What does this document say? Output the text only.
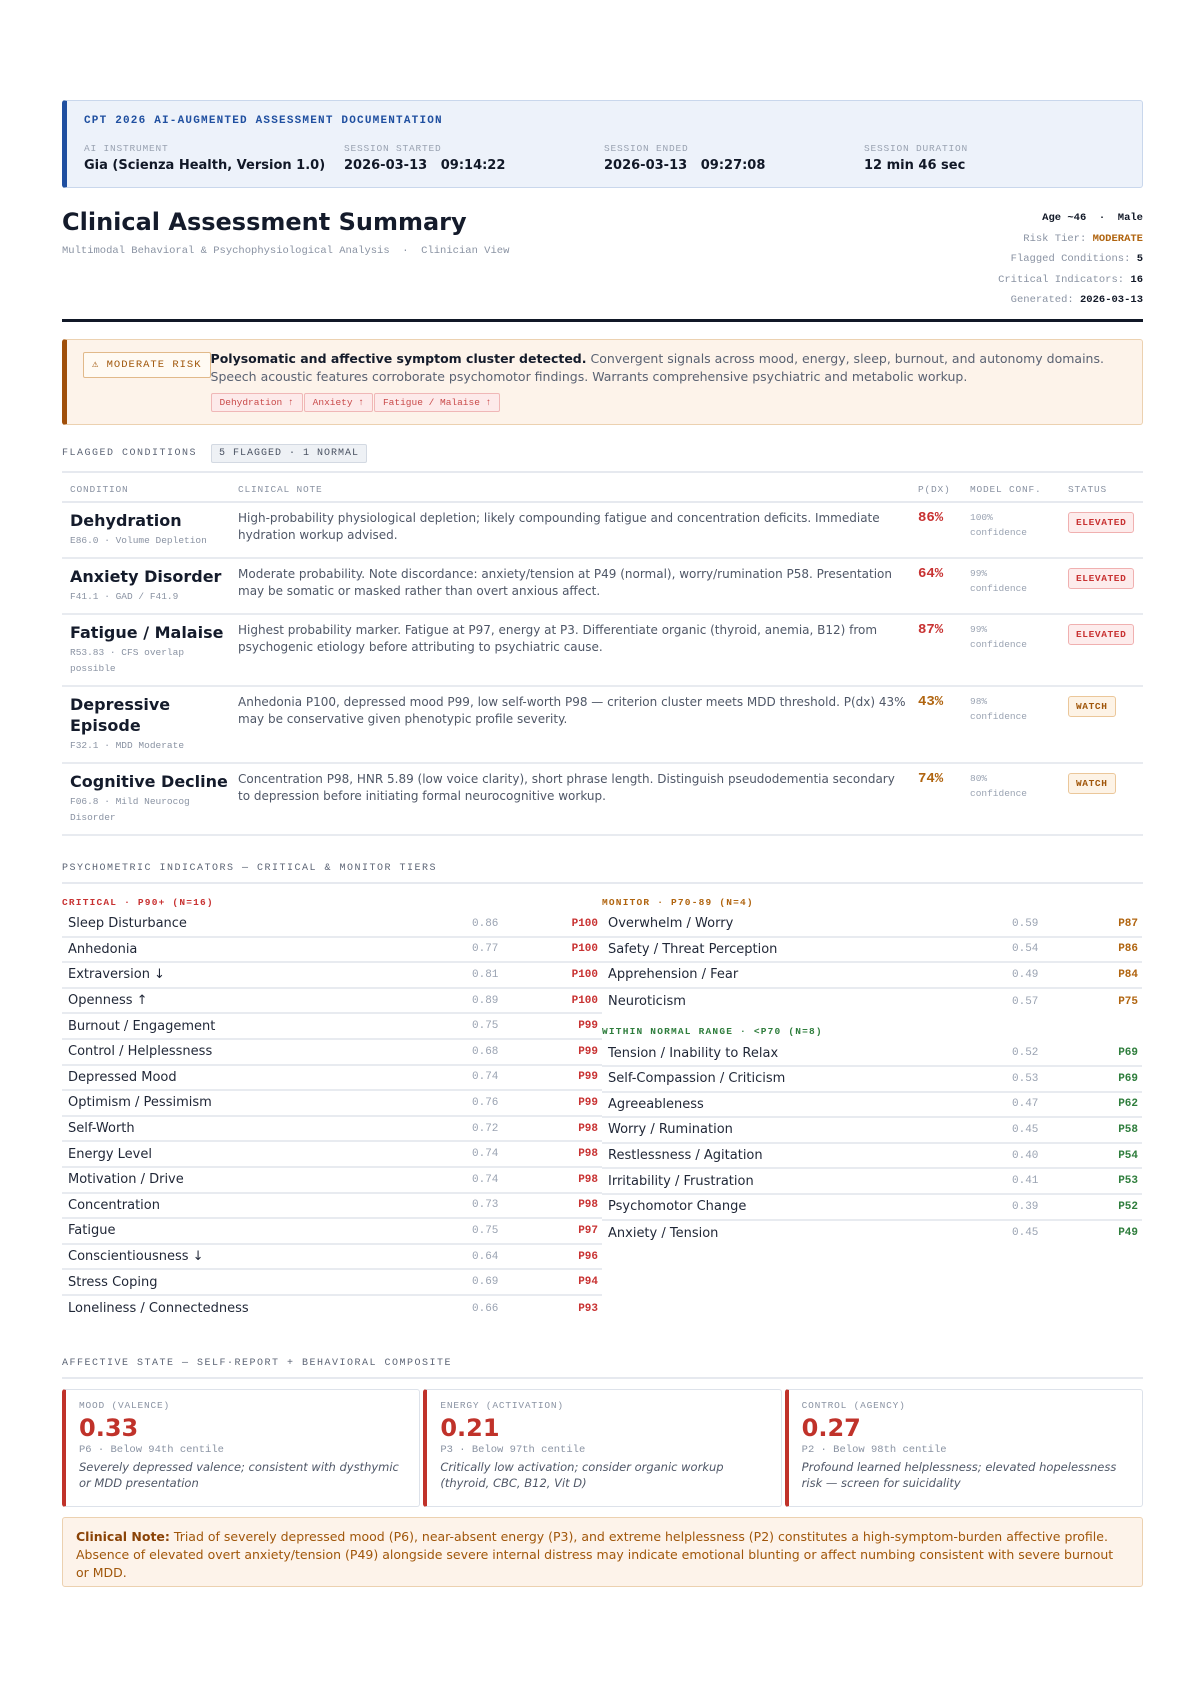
CPT 2026 AI-AUGMENTED ASSESSMENT DOCUMENTATION
AI INSTRUMENT
Gia (Scienza Health, Version 1.0)
SESSION STARTED
2026-03-13   09:14:22
SESSION ENDED
2026-03-13   09:27:08
SESSION DURATION
12 min 46 sec
Clinical Assessment Summary
Multimodal Behavioral & Psychophysiological Analysis  ·  Clinician View
Age ~46  ·  Male
Risk Tier: MODERATE
Flagged Conditions: 5
Critical Indicators: 16
Generated: 2026-03-13
⚠ MODERATE RISK Polysomatic and affective symptom cluster detected. Convergent signals across mood, energy, sleep, burnout, and autonomy domains. Speech acoustic features corroborate psychomotor findings. Warrants comprehensive psychiatric and metabolic workup.
Dehydration ↑	Anxiety ↑	Fatigue / Malaise ↑
FLAGGED CONDITIONS	5 FLAGGED · 1 NORMAL
CONDITION	CLINICAL NOTE	P(DX)	MODEL CONF.	STATUS

Dehydration
E86.0 · Volume Depletion
	High-probability physiological depletion; likely compounding fatigue and concentration deficits. Immediate hydration workup advised.	86%	100%
confidence
	ELEVATED

Anxiety Disorder
F41.1 · GAD / F41.9
	Moderate probability. Note discordance: anxiety/tension at P49 (normal), worry/rumination P58. Presentation may be somatic or masked rather than overt anxious affect.	64%	99%
confidence
	ELEVATED

Fatigue / Malaise
R53.83 · CFS overlap possible
	Highest probability marker. Fatigue at P97, energy at P3. Differentiate organic (thyroid, anemia, B12) from psychogenic etiology before attributing to psychiatric cause.	87%	99%
confidence
	ELEVATED

Depressive Episode
F32.1 · MDD Moderate
	Anhedonia P100, depressed mood P99, low self-worth P98 — criterion cluster meets MDD threshold. P(dx) 43% may be conservative given phenotypic profile severity.	43%	98%
confidence
	WATCH

Cognitive Decline
F06.8 · Mild Neurocog Disorder
	Concentration P98, HNR 5.89 (low voice clarity), short phrase length. Distinguish pseudodementia secondary to depression before initiating formal neurocognitive workup.	74%	80%
confidence
	WATCH
PSYCHOMETRIC INDICATORS — CRITICAL & MONITOR TIERS
CRITICAL · P90+ (N=16)
Sleep Disturbance	0.86	P100
Anhedonia	0.77	P100
Extraversion ↓	0.81	P100
Openness ↑	0.89	P100
Burnout / Engagement	0.75	P99
Control / Helplessness	0.68	P99
Depressed Mood	0.74	P99
Optimism / Pessimism	0.76	P99
Self-Worth	0.72	P98
Energy Level	0.74	P98
Motivation / Drive	0.74	P98
Concentration	0.73	P98
Fatigue	0.75	P97
Conscientiousness ↓	0.64	P96
Stress Coping	0.69	P94
Loneliness / Connectedness	0.66	P93
MONITOR · P70-89 (N=4)
Overwhelm / Worry	0.59	P87
Safety / Threat Perception	0.54	P86
Apprehension / Fear	0.49	P84
Neuroticism	0.57	P75
WITHIN NORMAL RANGE · <P70 (N=8)
Tension / Inability to Relax	0.52	P69
Self-Compassion / Criticism	0.53	P69
Agreeableness	0.47	P62
Worry / Rumination	0.45	P58
Restlessness / Agitation	0.40	P54
Irritability / Frustration	0.41	P53
Psychomotor Change	0.39	P52
Anxiety / Tension	0.45	P49
AFFECTIVE STATE — SELF·REPORT + BEHAVIORAL COMPOSITE
MOOD (VALENCE)
0.33
P6 · Below 94th centile
Severely depressed valence; consistent with dysthymic or MDD presentation
ENERGY (ACTIVATION)
0.21
P3 · Below 97th centile
Critically low activation; consider organic workup (thyroid, CBC, B12, Vit D)
CONTROL (AGENCY)
0.27
P2 · Below 98th centile
Profound learned helplessness; elevated hopelessness risk — screen for suicidality
Clinical Note: Triad of severely depressed mood (P6), near-absent energy (P3), and extreme helplessness (P2) constitutes a high-symptom-burden affective profile. Absence of elevated overt anxiety/tension (P49) alongside severe internal distress may indicate emotional blunting or affect numbing consistent with severe burnout or MDD.
